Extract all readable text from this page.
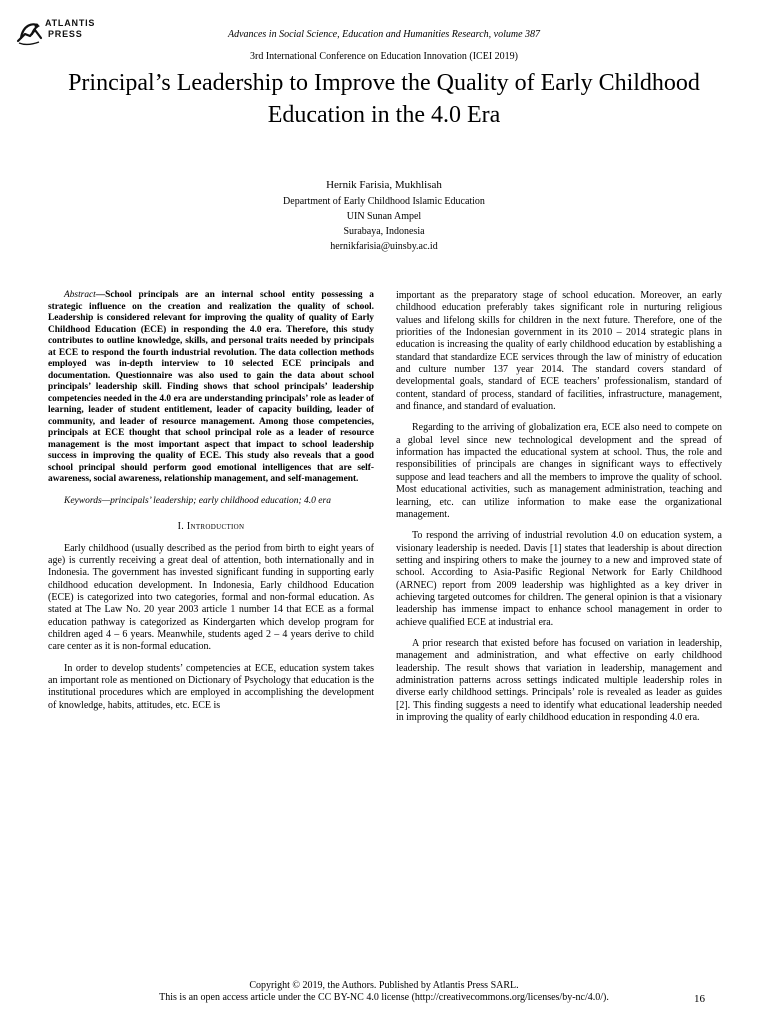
ATLANTIS
PRESS	Advances in Social Science, Education and Humanities Research, volume 387
3rd International Conference on Education Innovation (ICEI 2019)
Principal’s Leadership to Improve the Quality of Early Childhood Education in the 4.0 Era
Hernik Farisia, Mukhlisah
Department of Early Childhood Islamic Education
UIN Sunan Ampel
Surabaya, Indonesia
hernikfarisia@uinsby.ac.id

Abstract—School principals are an internal school entity possessing a strategic influence on the creation and realization the quality of school. Leadership is considered relevant for improving the quality of quality of Early Childhood Education (ECE) in responding the 4.0 era. Therefore, this study contributes to outline knowledge, skills, and personal traits needed by principals at ECE to respond the fourth industrial revolution. The data collection methods employed was in-depth interview to 10 selected ECE principals and documentation. Questionnaire was also used to gain the data about school principals’ leadership skill. Finding shows that school principals’ leadership competencies needed in the 4.0 era are understanding principals’ role as leader of learning, leader of student entitlement, leader of capacity building, leader of community, and leader of resource management. Among those competencies, principals at ECE thought that school principal role as a leader of resource management is the most important aspect that impact to school leadership success in improving the quality of ECE. This study also reveals that a good school principal should perform good emotional intelligences that are self-awareness, social awareness, relationship management, and self-management.

Keywords—principals’ leadership; early childhood education; 4.0 era

I. Introduction

Early childhood (usually described as the period from birth to eight years of age) is currently receiving a great deal of attention, both internationally and in Indonesia. The government has invested significant funding in supporting early childhood education development. In Indonesia, Early childhood Education (ECE) is categorized into two categories, formal and non-formal education. As stated at The Law No. 20 year 2003 article 1 number 14 that ECE as a formal education pathway is categorized as Kindergarten which develop program for children aged 4 – 6 years. Meanwhile, students aged 2 – 4 years derive to child care center as it is non-formal education.

In order to develop students’ competencies at ECE, education system takes an important role as mentioned on Dictionary of Psychology that education is the institutional procedures which are employed in accomplishing the development of knowledge, habits, attitudes, etc. ECE is

important as the preparatory stage of school education. Moreover, an early childhood education preferably takes significant role in nurturing religious values and lifelong skills for children in the next future. Therefore, one of the priorities of the Indonesian government in its 2010 – 2014 strategic plans in education is increasing the quality of early childhood education by establishing a standard that standardize ECE services through the law of ministry of education and culture number 137 year 2014. The standard covers standard of developmental goals, standard of ECE teachers’ professionalism, standard of content, standard of process, standard of facilities, infrastructure, management, and finance, and standard of evaluation.

Regarding to the arriving of globalization era, ECE also need to compete on a global level since new technological development and the spread of information has impacted the educational system at school. Thus, the role and responsibilities of principals are changes in significant ways to effectively suppose and lead teachers and all the members to improve the quality of school. Most educational activities, such as management administration, teaching and learning, etc. can utilize information to make ease the organizational management.

To respond the arriving of industrial revolution 4.0 on education system, a visionary leadership is needed. Davis [1] states that leadership is about direction setting and inspiring others to make the journey to a new and improved state of school. According to Asia-Pasific Regional Network for Early Childhood (ARNEC) report from 2009 leadership was highlighted as a key driver in achieving targeted outcomes for children. The general opinion is that a visionary leadership has immense impact to enhance school management in order to achieve qualified ECE at industrial era.

A prior research that existed before has focused on variation in leadership, management and administration, and what effective on early childhood leadership. The result shows that variation in leadership, management and administration patterns across settings indicated multiple leadership roles in diverse early childhood settings. Principals’ role is revealed as leader as guides [2]. This finding suggests a need to identify what educational leadership needed in improving the quality of early childhood education in responding 4.0 era.

Copyright © 2019, the Authors. Published by Atlantis Press SARL.
This is an open access article under the CC BY-NC 4.0 license (http://creativecommons.org/licenses/by-nc/4.0/).	16
